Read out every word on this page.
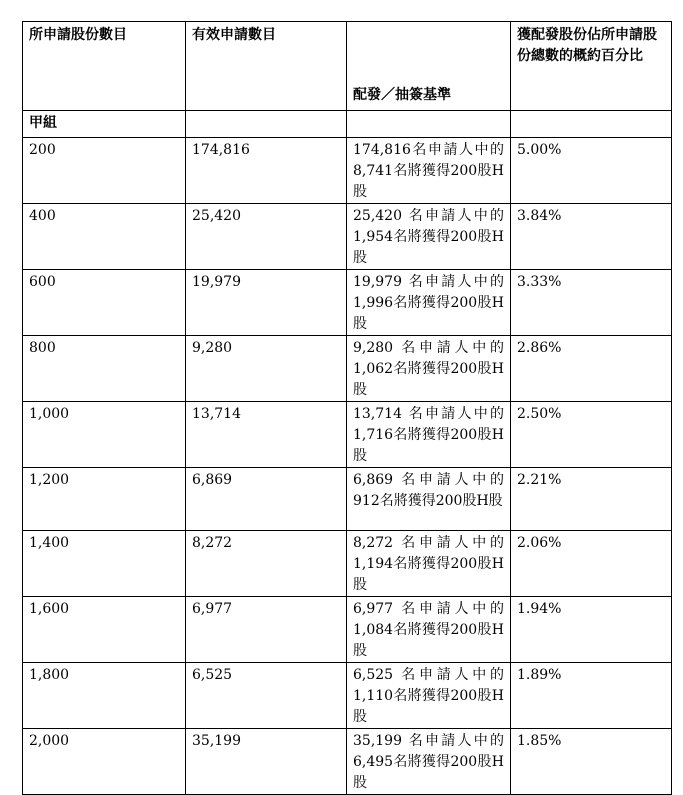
所申請股份數目	有效申請數目	配發／抽簽基準	獲配發股份佔所申請股份總數的概約百分比
甲組			
200	174,816	174,816名申請人中的8,741名將獲得200股H股	5.00%
400	25,420	25,420 名申請人中的1,954名將獲得200股H股	3.84%
600	19,979	19,979 名申請人中的1,996名將獲得200股H股	3.33%
800	9,280	9,280 名申請人中的1,062名將獲得200股H股	2.86%
1,000	13,714	13,714 名申請人中的1,716名將獲得200股H股	2.50%
1,200	6,869	6,869 名申請人中的912名將獲得200股H股	2.21%
1,400	8,272	8,272 名申請人中的1,194名將獲得200股H股	2.06%
1,600	6,977	6,977 名申請人中的1,084名將獲得200股H股	1.94%
1,800	6,525	6,525 名申請人中的1,110名將獲得200股H股	1.89%
2,000	35,199	35,199 名申請人中的6,495名將獲得200股H股	1.85%
